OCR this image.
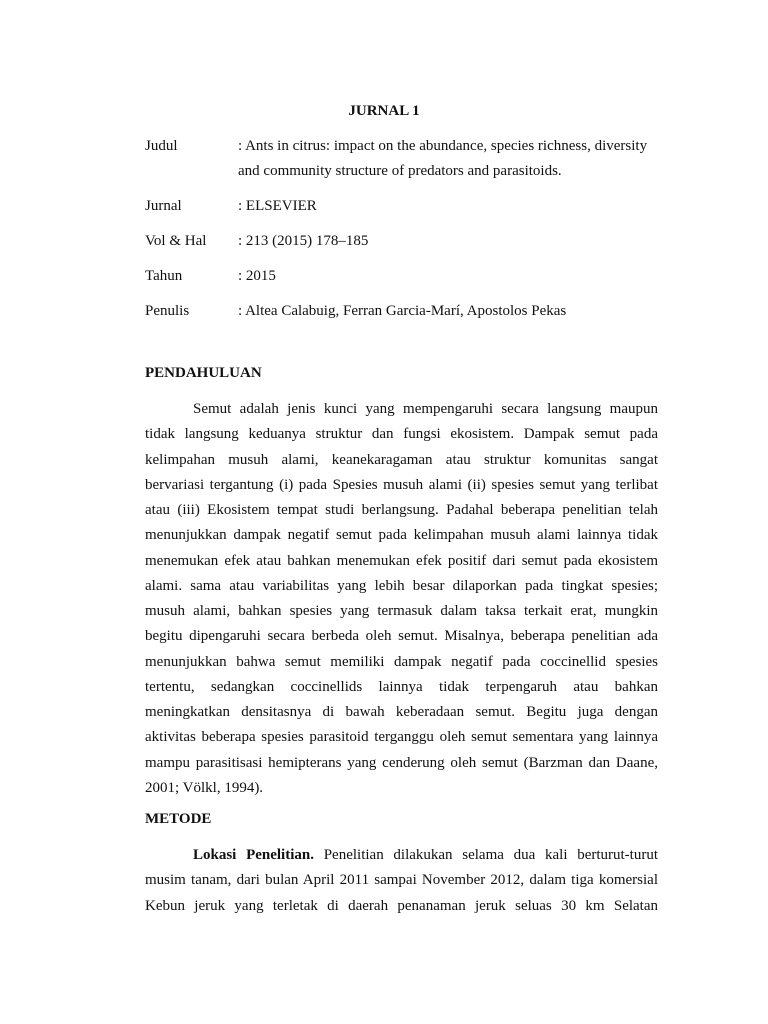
JURNAL 1
Judul	: Ants in citrus: impact on the abundance, species richness, diversity and community structure of predators and parasitoids.
Jurnal	: ELSEVIER
Vol & Hal : 213 (2015) 178–185
Tahun	: 2015
Penulis	: Altea Calabuig, Ferran Garcia-Marí, Apostolos Pekas
PENDAHULUAN
Semut adalah jenis kunci yang mempengaruhi secara langsung maupun
tidak langsung keduanya struktur dan fungsi ekosistem. Dampak semut pada
kelimpahan musuh alami, keanekaragaman atau struktur komunitas sangat
bervariasi tergantung (i) pada Spesies musuh alami (ii) spesies semut yang terlibat
atau (iii) Ekosistem tempat studi berlangsung. Padahal beberapa penelitian telah
menunjukkan dampak negatif semut pada kelimpahan musuh alami lainnya tidak
menemukan efek atau bahkan menemukan efek positif dari semut pada ekosistem
alami. sama atau variabilitas yang lebih besar dilaporkan pada tingkat spesies;
musuh alami, bahkan spesies yang termasuk dalam taksa terkait erat, mungkin
begitu dipengaruhi secara berbeda oleh semut. Misalnya, beberapa penelitian ada
menunjukkan bahwa semut memiliki dampak negatif pada coccinellid spesies
tertentu, sedangkan coccinellids lainnya tidak terpengaruh atau bahkan
meningkatkan densitasnya di bawah keberadaan semut. Begitu juga dengan
aktivitas beberapa spesies parasitoid terganggu oleh semut sementara yang lainnya
mampu parasitisasi hemipterans yang cenderung oleh semut (Barzman dan Daane,
2001; Völkl, 1994).
METODE
Lokasi Penelitian. Penelitian dilakukan selama dua kali berturut-turut
musim tanam, dari bulan April 2011 sampai November 2012, dalam tiga komersial
Kebun jeruk yang terletak di daerah penanaman jeruk seluas 30 km Selatan
